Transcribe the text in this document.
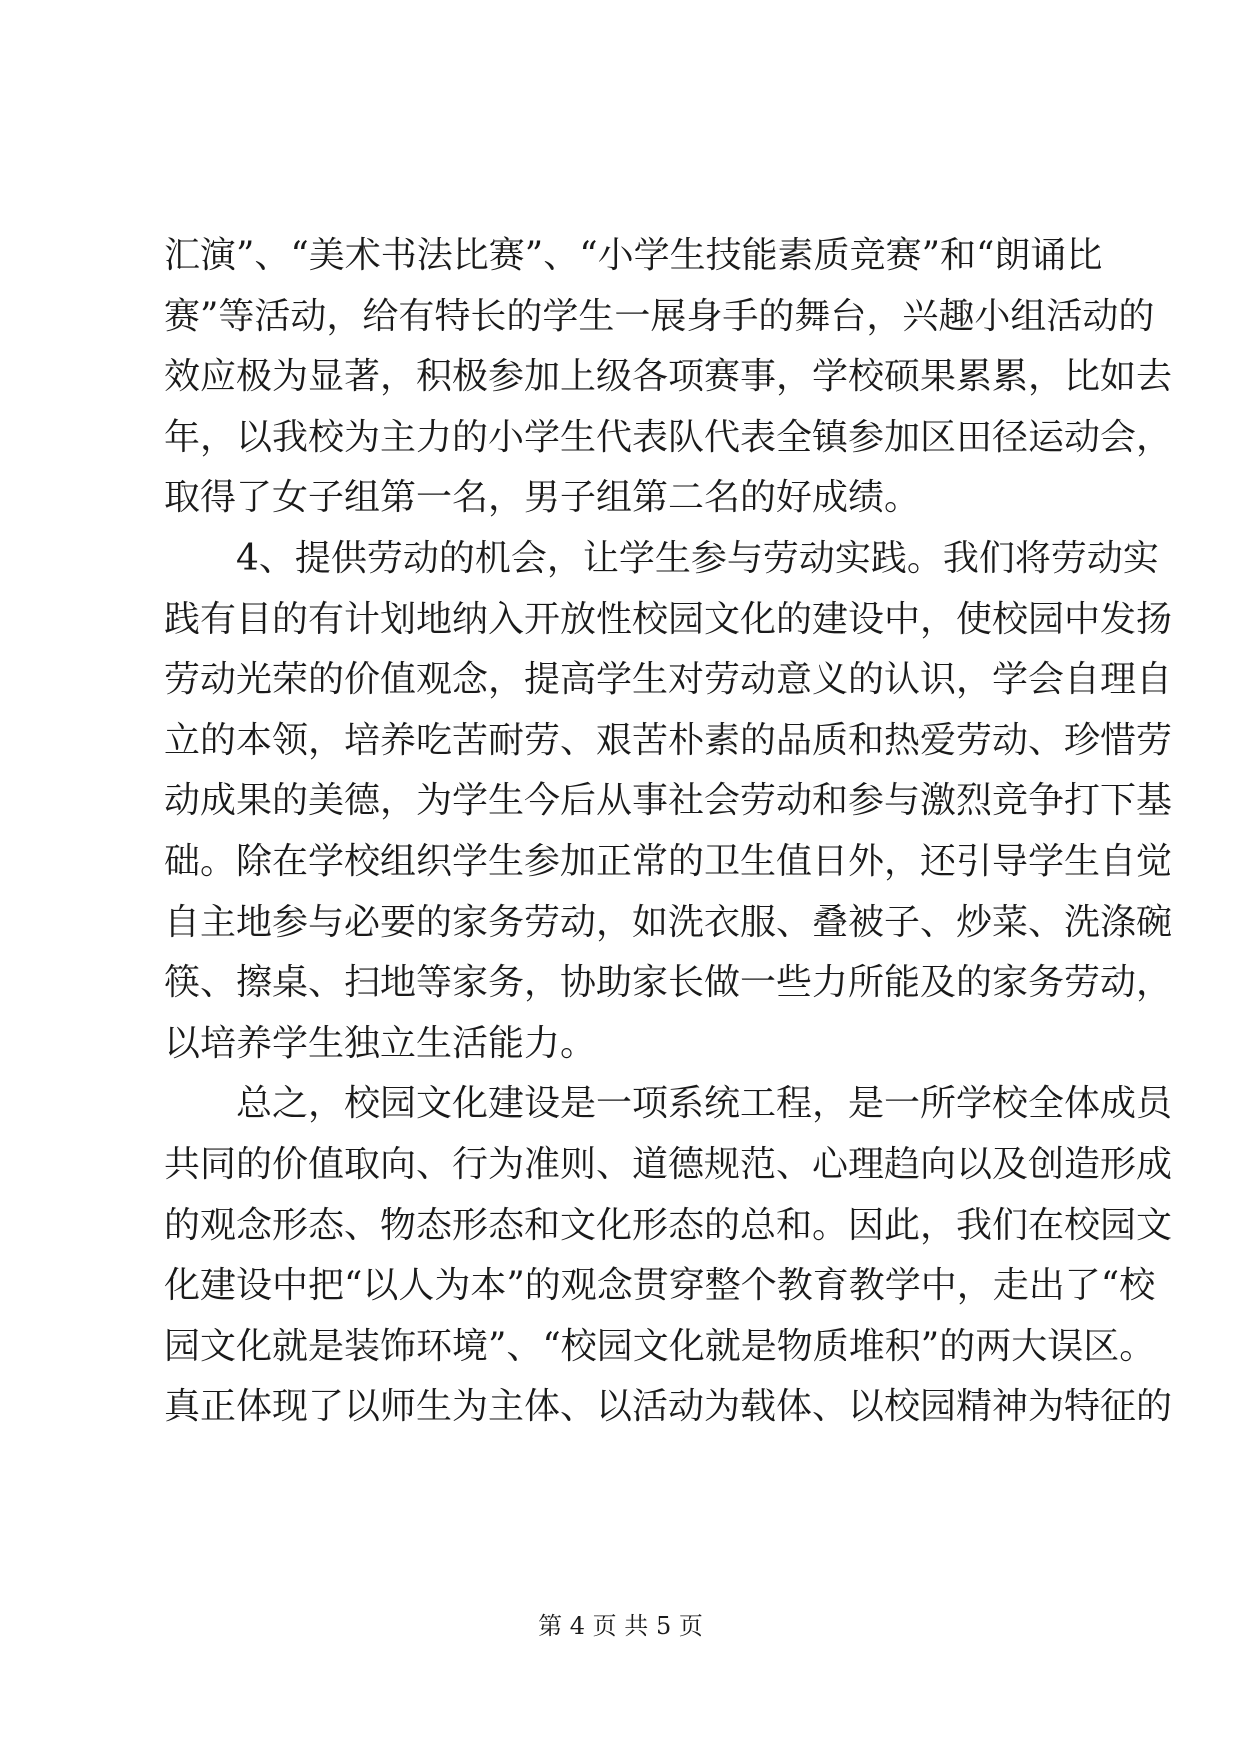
汇演”、“美术书法比赛”、“小学生技能素质竞赛”和“朗诵比
赛”等活动，给有特长的学生一展身手的舞台，兴趣小组活动的
效应极为显著，积极参加上级各项赛事，学校硕果累累，比如去
年，以我校为主力的小学生代表队代表全镇参加区田径运动会，
取得了女子组第一名，男子组第二名的好成绩。
4、提供劳动的机会，让学生参与劳动实践。我们将劳动实
践有目的有计划地纳入开放性校园文化的建设中，使校园中发扬
劳动光荣的价值观念，提高学生对劳动意义的认识，学会自理自
立的本领，培养吃苦耐劳、艰苦朴素的品质和热爱劳动、珍惜劳
动成果的美德，为学生今后从事社会劳动和参与激烈竞争打下基
础。除在学校组织学生参加正常的卫生值日外，还引导学生自觉
自主地参与必要的家务劳动，如洗衣服、叠被子、炒菜、洗涤碗
筷、擦桌、扫地等家务，协助家长做一些力所能及的家务劳动，
以培养学生独立生活能力。
总之，校园文化建设是一项系统工程，是一所学校全体成员
共同的价值取向、行为准则、道德规范、心理趋向以及创造形成
的观念形态、物态形态和文化形态的总和。因此，我们在校园文
化建设中把“以人为本”的观念贯穿整个教育教学中，走出了“校
园文化就是装饰环境”、“校园文化就是物质堆积”的两大误区。
真正体现了以师生为主体、以活动为载体、以校园精神为特征的
第 4 页 共 5 页
